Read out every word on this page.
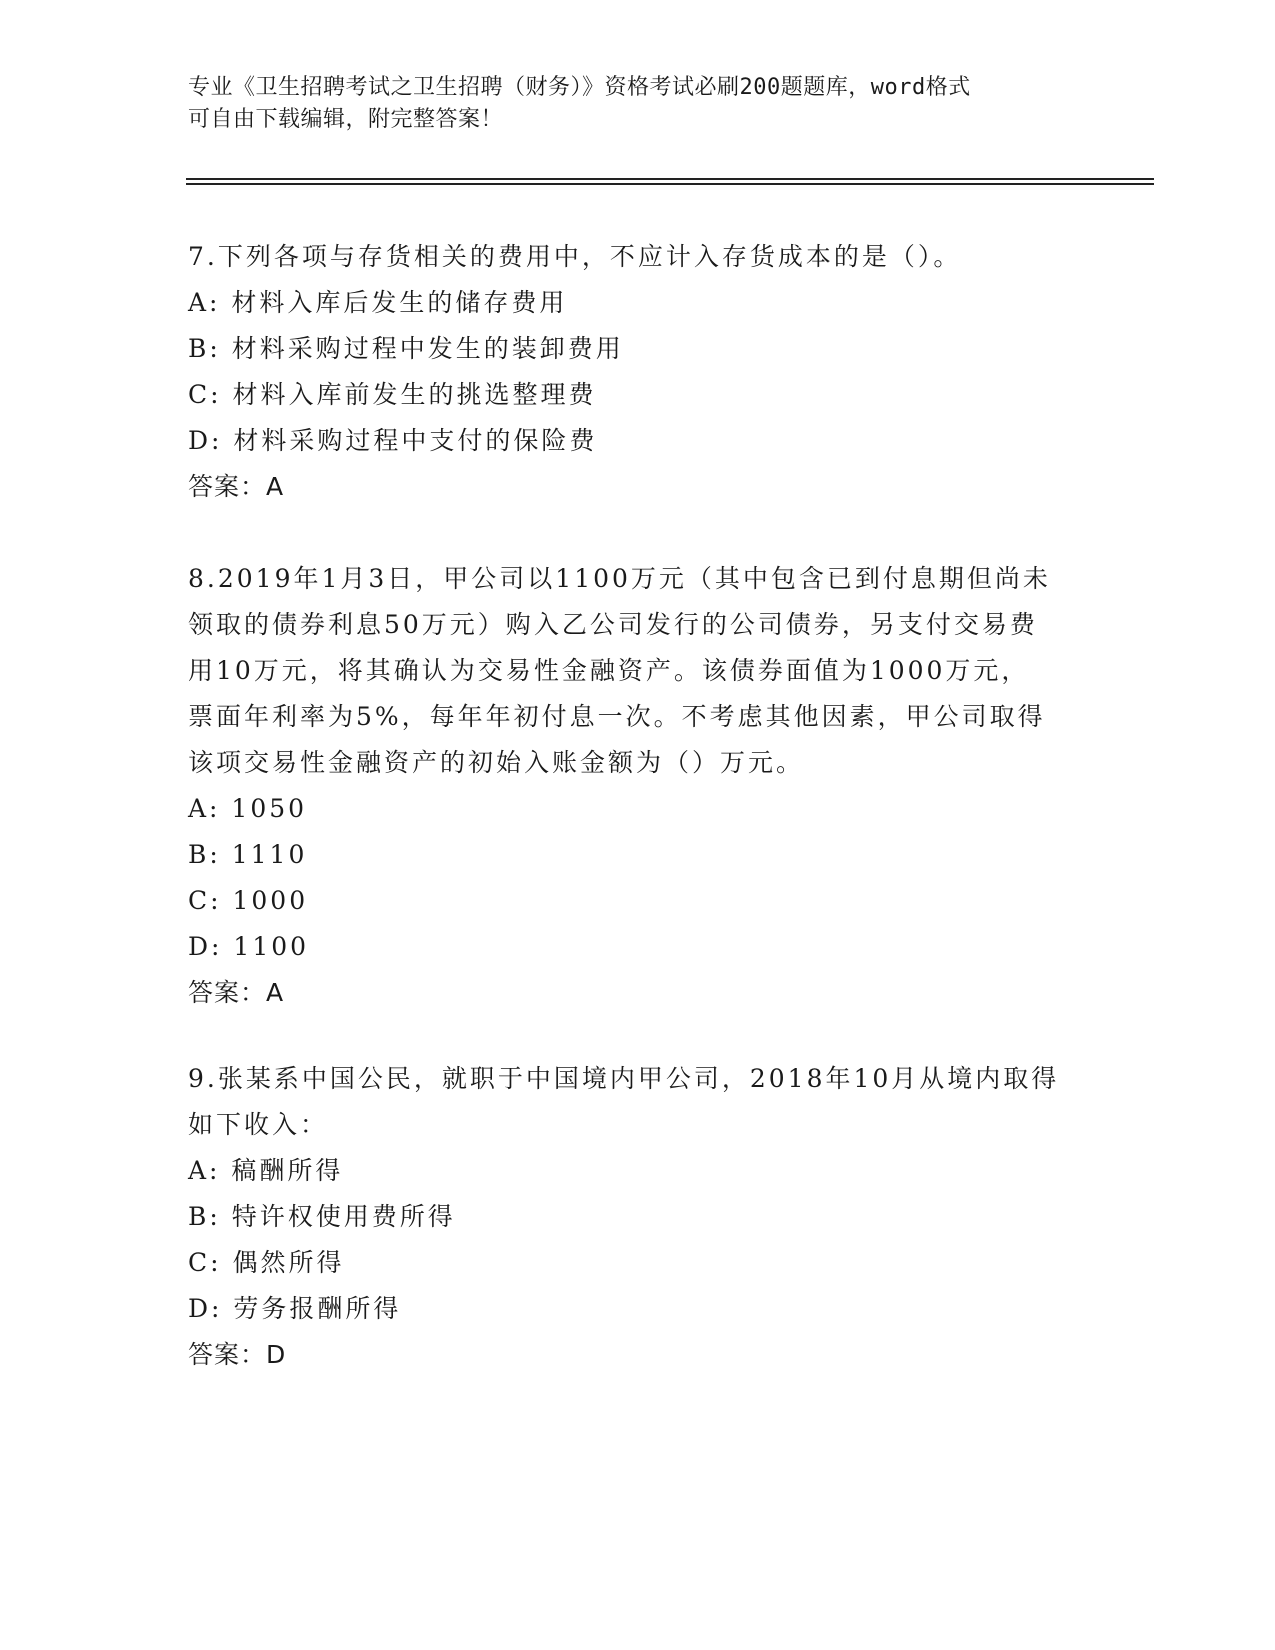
专业《卫生招聘考试之卫生招聘（财务）》资格考试必刷200题题库，word格式
可自由下载编辑，附完整答案！
7.下列各项与存货相关的费用中，不应计入存货成本的是（）。
A: 材料入库后发生的储存费用
B: 材料采购过程中发生的装卸费用
C: 材料入库前发生的挑选整理费
D: 材料采购过程中支付的保险费
答案：A
8.2019年1月3日，甲公司以1100万元（其中包含已到付息期但尚未
领取的债券利息50万元）购入乙公司发行的公司债券，另支付交易费
用10万元，将其确认为交易性金融资产。该债券面值为1000万元，
票面年利率为5%，每年年初付息一次。不考虑其他因素，甲公司取得
该项交易性金融资产的初始入账金额为（）万元。
A: 1050
B: 1110
C: 1000
D: 1100
答案：A
9.张某系中国公民，就职于中国境内甲公司，2018年10月从境内取得
如下收入：
A: 稿酬所得
B: 特许权使用费所得
C: 偶然所得
D: 劳务报酬所得
答案：D
